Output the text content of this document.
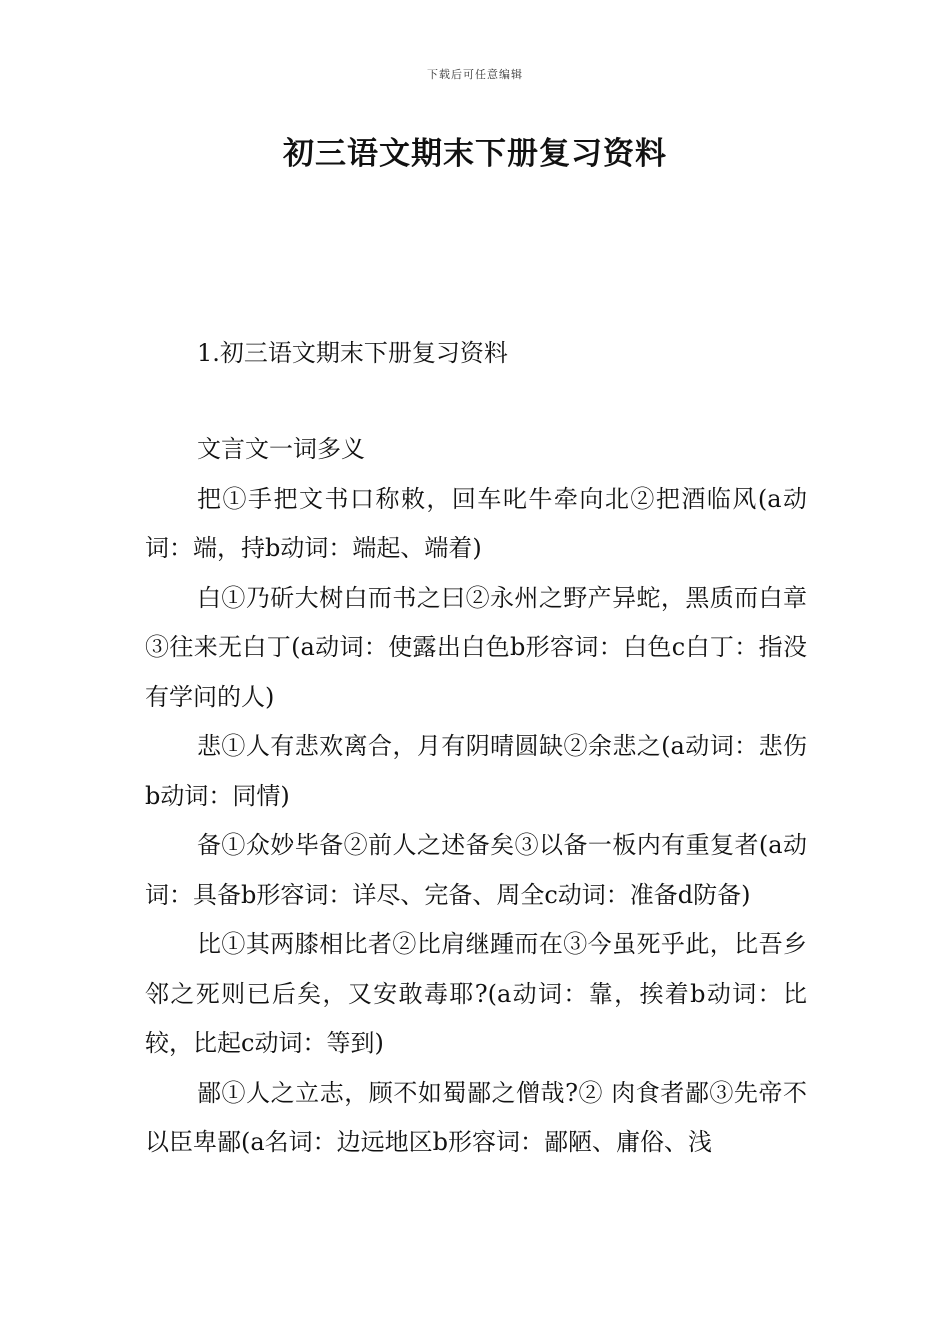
下载后可任意编辑
初三语文期末下册复习资料
1.初三语文期末下册复习资料

文言文一词多义

把①手把文书口称敕，回车叱牛牵向北②把酒临风(a动词：端，持b动词：端起、端着)

白①乃斫大树白而书之曰②永州之野产异蛇，黑质而白章③往来无白丁(a动词：使露出白色b形容词：白色c白丁：指没有学问的人)

悲①人有悲欢离合，月有阴晴圆缺②余悲之(a动词：悲伤b动词：同情)

备①众妙毕备②前人之述备矣③以备一板内有重复者(a动词：具备b形容词：详尽、完备、周全c动词：准备d防备)

比①其两膝相比者②比肩继踵而在③今虽死乎此，比吾乡邻之死则已后矣，又安敢毒耶?(a动词：靠，挨着b动词：比较，比起c动词：等到)

鄙①人之立志，顾不如蜀鄙之僧哉?② 肉食者鄙③先帝不以臣卑鄙(a名词：边远地区b形容词：鄙陋、庸俗、浅
